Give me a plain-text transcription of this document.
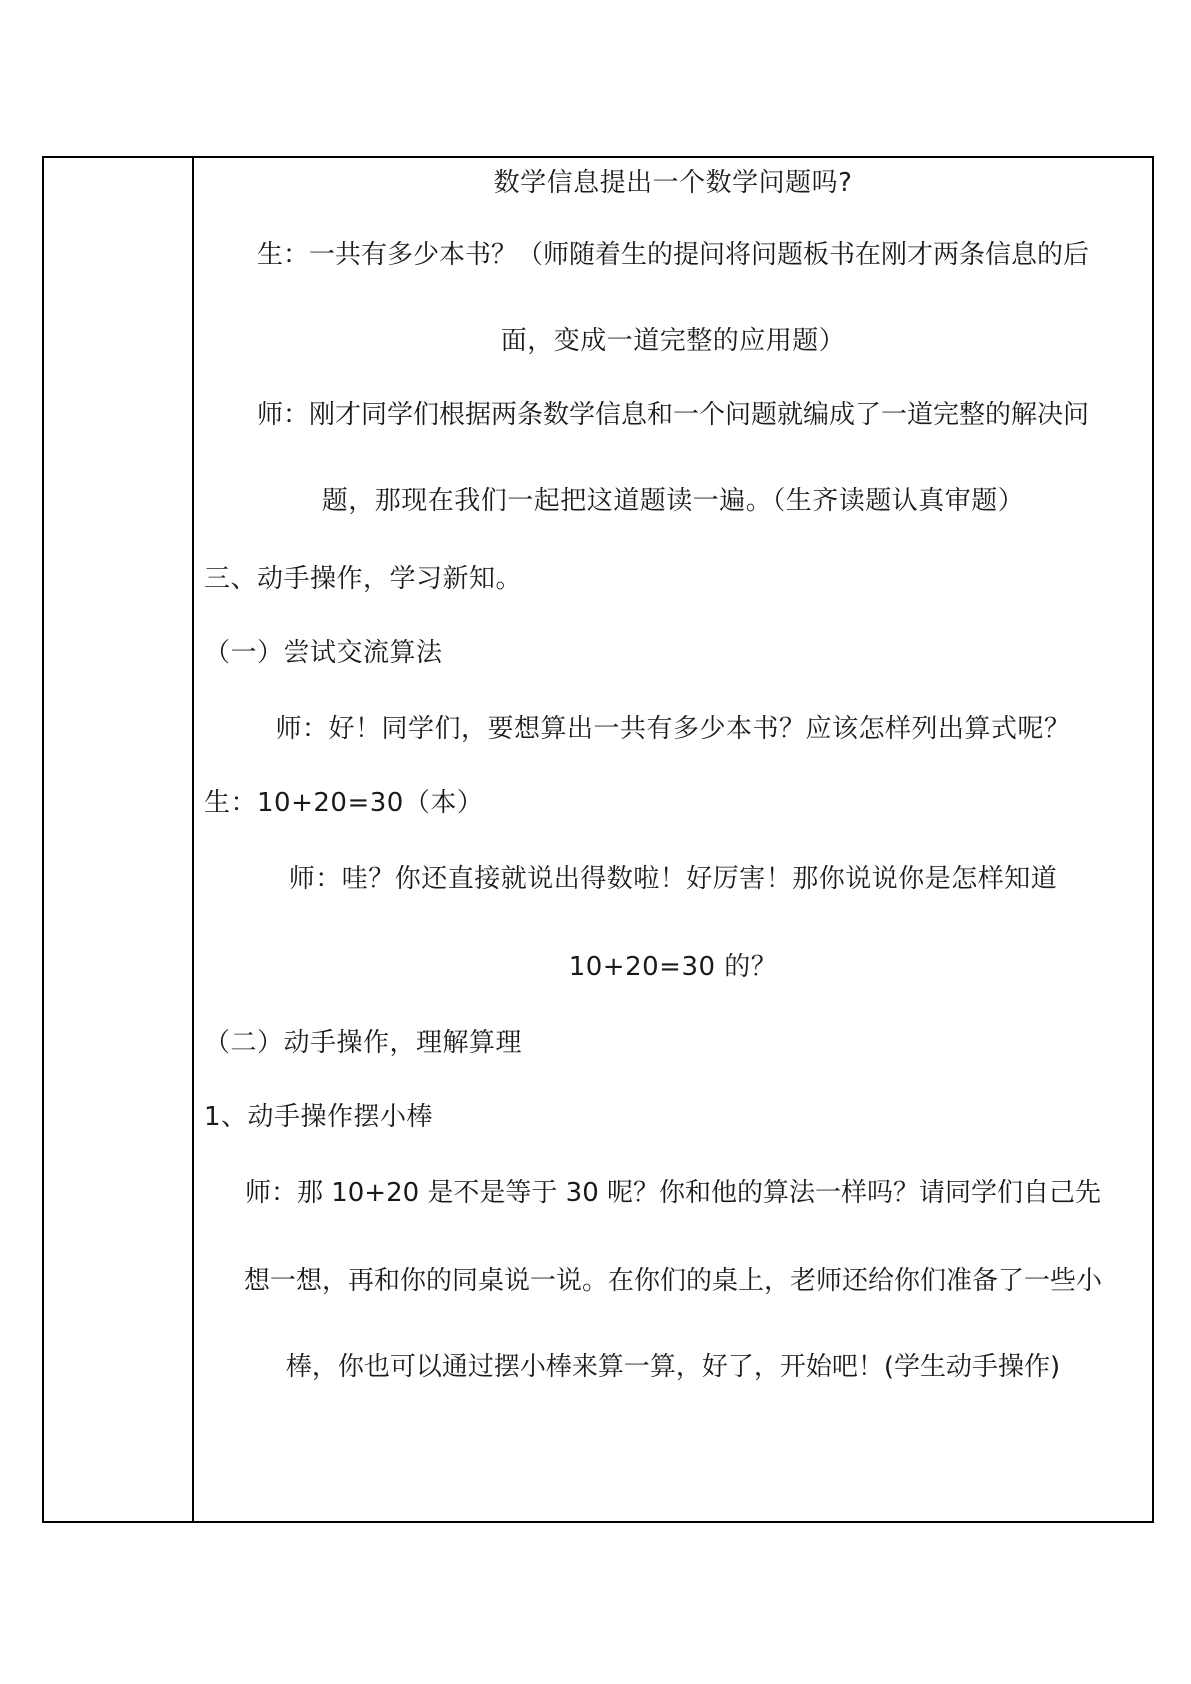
数学信息提出一个数学问题吗?
生：一共有多少本书？（师随着生的提问将问题板书在刚才两条信息的后
面，变成一道完整的应用题）
师：刚才同学们根据两条数学信息和一个问题就编成了一道完整的解决问
题，那现在我们一起把这道题读一遍。（生齐读题认真审题）
三、动手操作，学习新知。
（一）尝试交流算法
师：好！同学们，要想算出一共有多少本书？应该怎样列出算式呢？
生：10+20=30（本）
师：哇？你还直接就说出得数啦！好厉害！那你说说你是怎样知道
10+20=30 的？
（二）动手操作，理解算理
1、动手操作摆小棒
师：那 10+20 是不是等于 30 呢？你和他的算法一样吗？请同学们自己先
想一想，再和你的同桌说一说。在你们的桌上，老师还给你们准备了一些小
棒，你也可以通过摆小棒来算一算，好了，开始吧！(学生动手操作)
